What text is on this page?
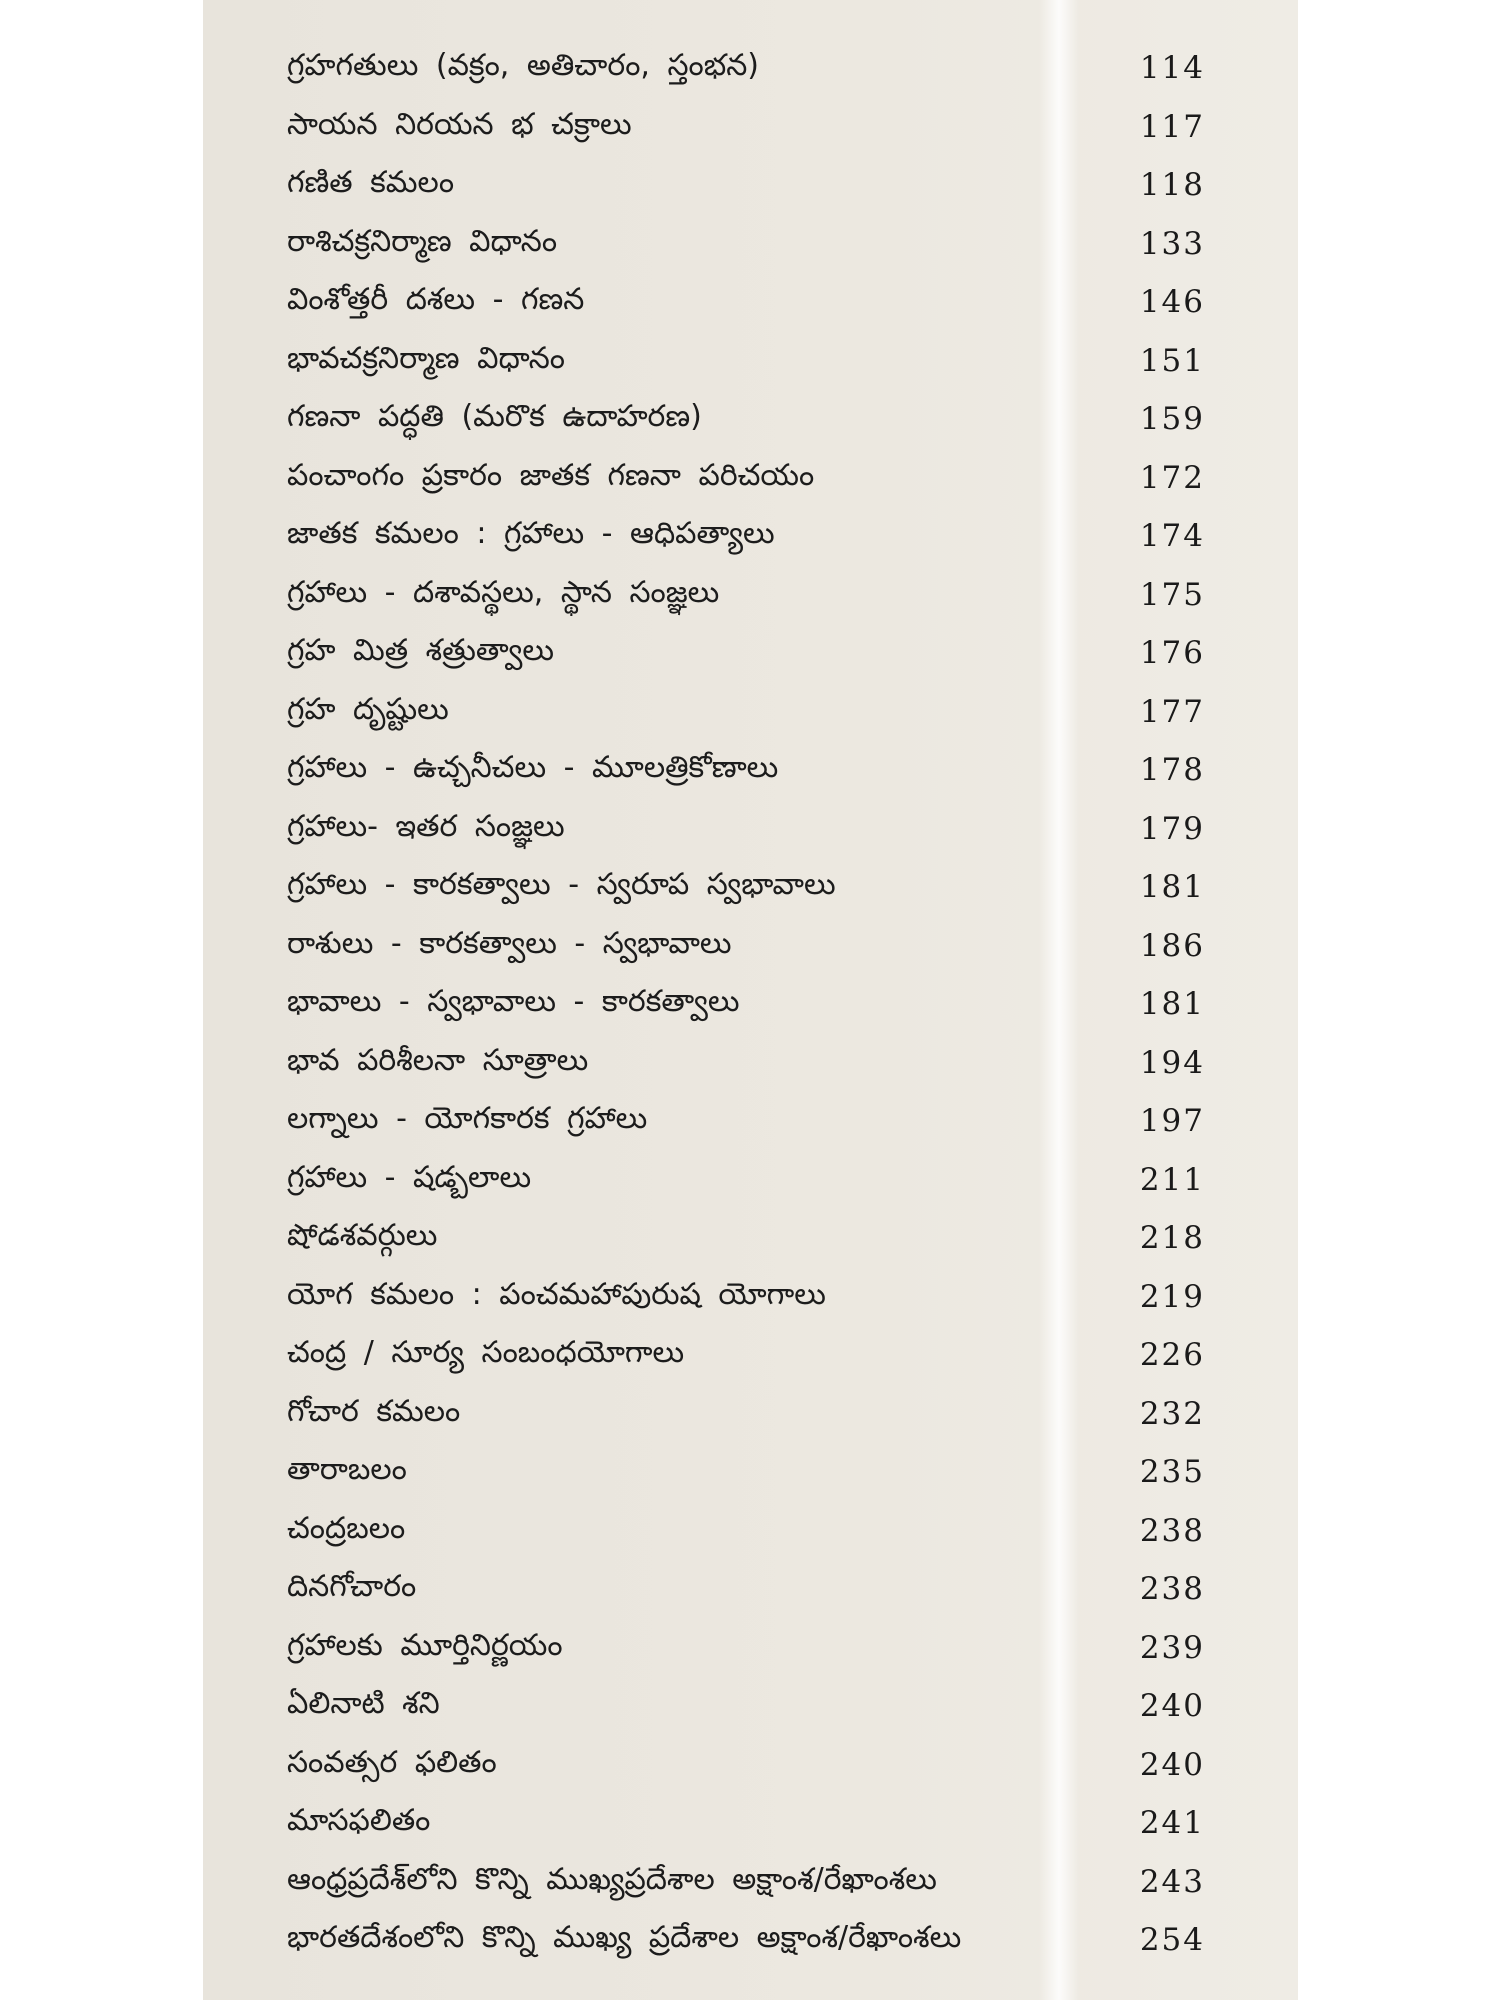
గ్రహగతులు (వక్రం, అతిచారం, స్తంభన)	114
సాయన నిరయన భ చక్రాలు	117
గణిత కమలం	118
రాశిచక్రనిర్మాణ విధానం	133
వింశోత్తరీ దశలు - గణన	146
భావచక్రనిర్మాణ విధానం	151
గణనా పద్ధతి (మరొక ఉదాహరణ)	159
పంచాంగం ప్రకారం జాతక గణనా పరిచయం	172
జాతక కమలం : గ్రహాలు - ఆధిపత్యాలు	174
గ్రహాలు - దశావస్థలు, స్థాన సంజ్ఞలు	175
గ్రహ మిత్ర శత్రుత్వాలు	176
గ్రహ దృష్టులు	177
గ్రహాలు - ఉచ్చనీచలు - మూలత్రికోణాలు	178
గ్రహాలు- ఇతర సంజ్ఞలు	179
గ్రహాలు - కారకత్వాలు - స్వరూప స్వభావాలు	181
రాశులు - కారకత్వాలు - స్వభావాలు	186
భావాలు - స్వభావాలు - కారకత్వాలు	181
భావ పరిశీలనా సూత్రాలు	194
లగ్నాలు - యోగకారక గ్రహాలు	197
గ్రహాలు - షడ్బలాలు	211
షోడశవర్గులు	218
యోగ కమలం : పంచమహాపురుష యోగాలు	219
చంద్ర / సూర్య సంబంధయోగాలు	226
గోచార కమలం	232
తారాబలం	235
చంద్రబలం	238
దినగోచారం	238
గ్రహాలకు మూర్తినిర్ణయం	239
ఏలినాటి శని	240
సంవత్సర ఫలితం	240
మాసఫలితం	241
ఆంధ్రప్రదేశ్‌లోని కొన్ని ముఖ్యప్రదేశాల అక్షాంశ/రేఖాంశలు	243
భారతదేశంలోని కొన్ని ముఖ్య ప్రదేశాల అక్షాంశ/రేఖాంశలు	254
